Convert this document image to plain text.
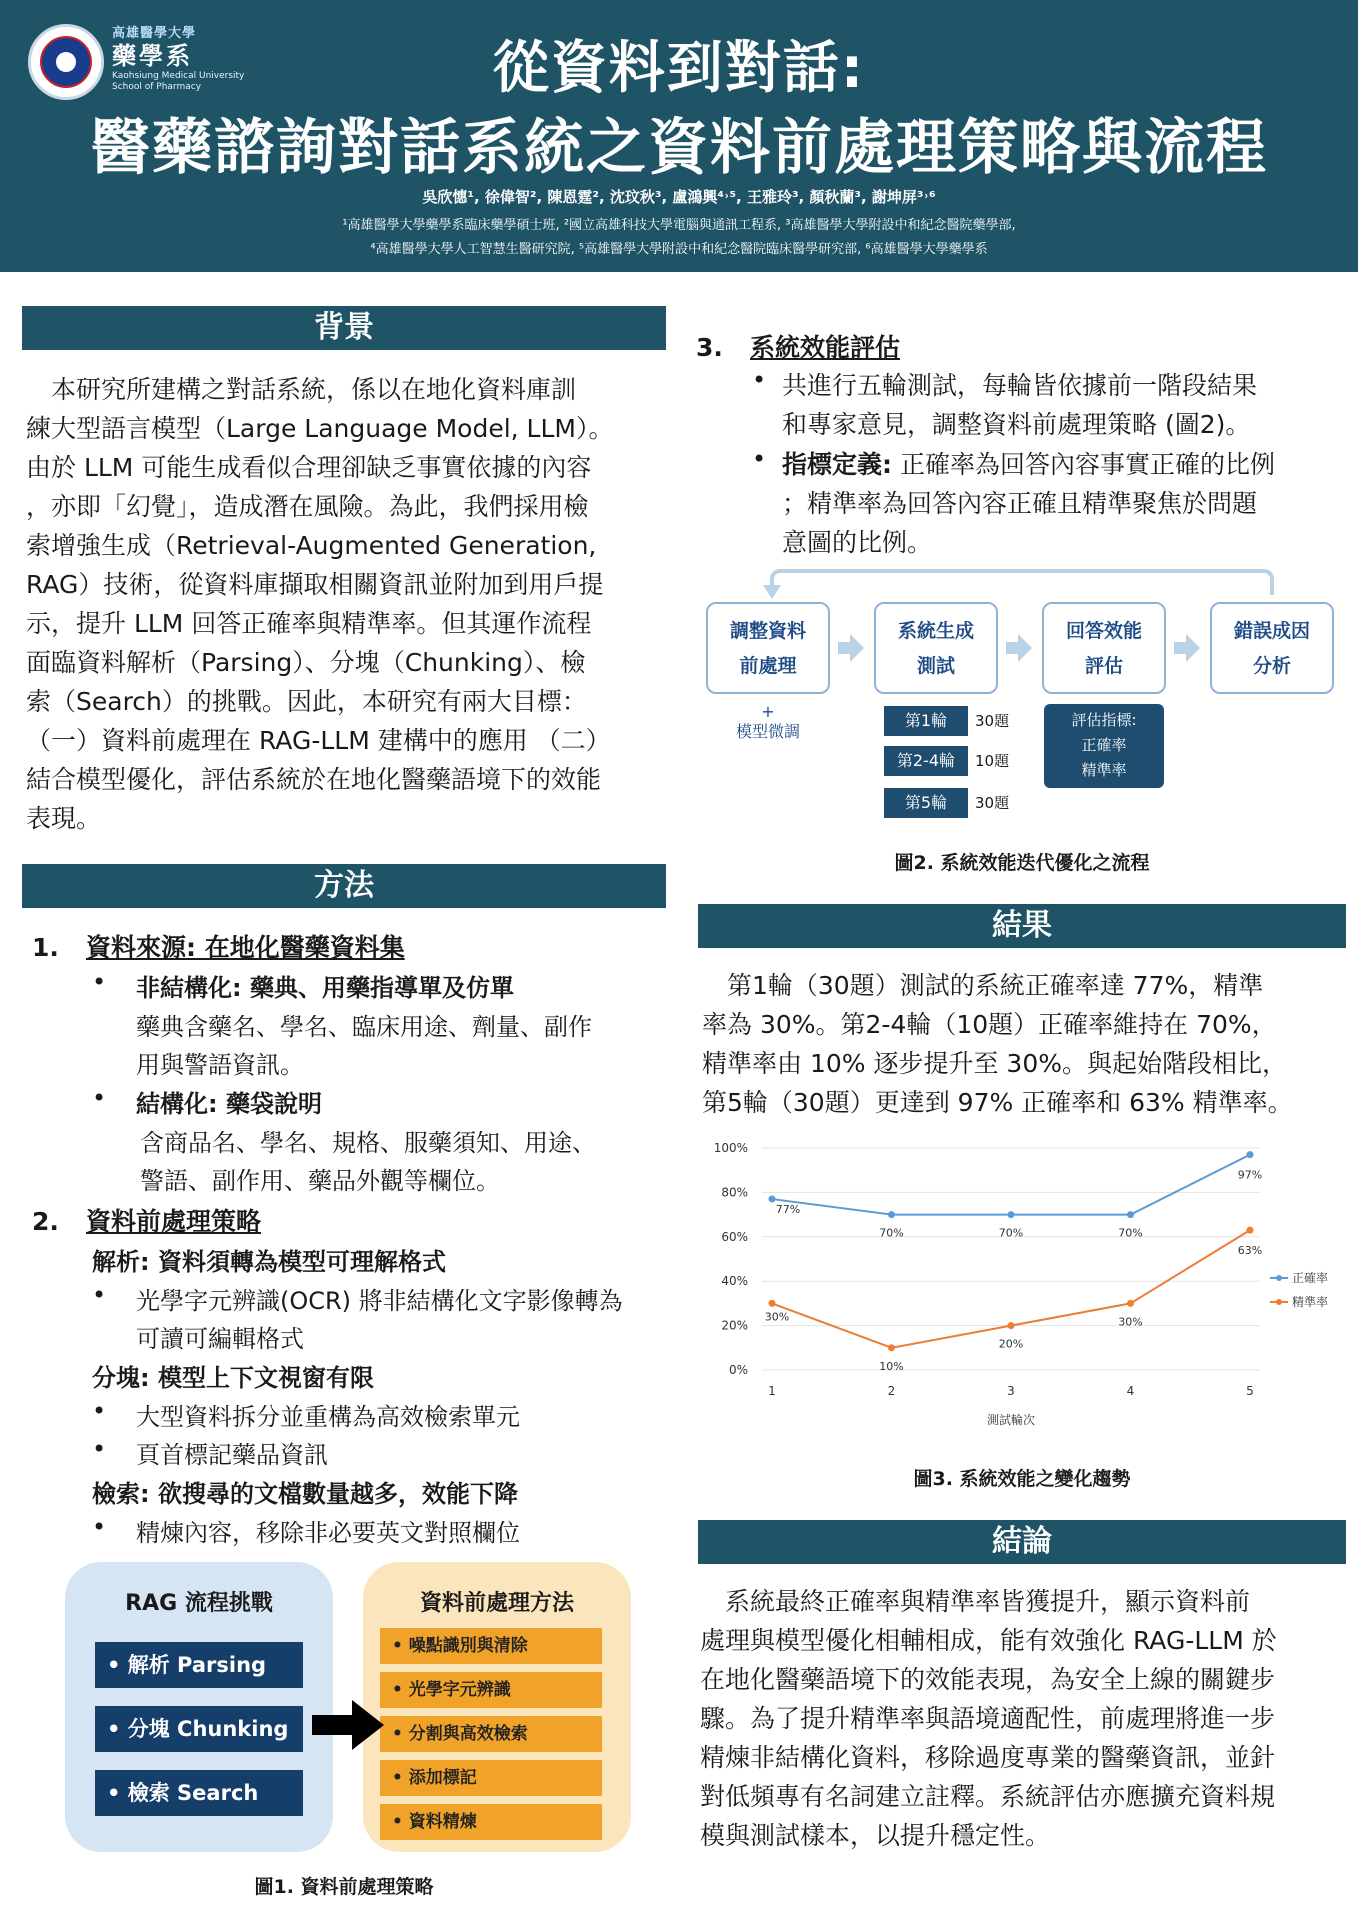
高雄醫學大學
藥學系
Kaohsiung Medical University
School of Pharmacy	從資料到對話:
醫藥諮詢對話系統之資料前處理策略與流程
吳欣憓¹, 徐偉智², 陳恩霆², 沈玟秋³, 盧鴻興⁴˒⁵, 王雅玲³, 顏秋蘭³, 謝坤屏³˒⁶
¹高雄醫學大學藥學系臨床藥學碩士班, ²國立高雄科技大學電腦與通訊工程系, ³高雄醫學大學附設中和紀念醫院藥學部,
⁴高雄醫學大學人工智慧生醫研究院, ⁵高雄醫學大學附設中和紀念醫院臨床醫學研究部, ⁶高雄醫學大學藥學系
背景
　本研究所建構之對話系統，係以在地化資料庫訓
練大型語言模型（Large Language Model, LLM）。
由於 LLM 可能生成看似合理卻缺乏事實依據的內容
，亦即「幻覺」，造成潛在風險。為此，我們採用檢
索增強生成（Retrieval-Augmented Generation,
RAG）技術，從資料庫擷取相關資訊並附加到用戶提
示，提升 LLM 回答正確率與精準率。但其運作流程
面臨資料解析（Parsing）、分塊（Chunking）、檢
索（Search）的挑戰。因此，本研究有兩大目標：
（一）資料前處理在 RAG-LLM 建構中的應用 （二）
結合模型優化，評估系統於在地化醫藥語境下的效能
表現。
方法
1. 資料來源: 在地化醫藥資料集
• 非結構化: 藥典、用藥指導單及仿單
藥典含藥名、學名、臨床用途、劑量、副作
用與警語資訊。
• 結構化: 藥袋說明
含商品名、學名、規格、服藥須知、用途、
警語、副作用、藥品外觀等欄位。
2. 資料前處理策略
解析: 資料須轉為模型可理解格式
• 光學字元辨識(OCR) 將非結構化文字影像轉為
可讀可編輯格式
分塊: 模型上下文視窗有限
• 大型資料拆分並重構為高效檢索單元
• 頁首標記藥品資訊
檢索: 欲搜尋的文檔數量越多，效能下降
• 精煉內容，移除非必要英文對照欄位
RAG 流程挑戰	資料前處理方法
• 解析 Parsing
• 分塊 Chunking
• 檢索 Search
• 噪點識別與清除
• 光學字元辨識
• 分割與高效檢索
• 添加標記
• 資料精煉
圖1. 資料前處理策略
3. 系統效能評估
• 共進行五輪測試，每輪皆依據前一階段結果
和專家意見，調整資料前處理策略 (圖2)。
• 指標定義: 正確率為回答內容事實正確的比例
；精準率為回答內容正確且精準聚焦於問題
意圖的比例。
調整資料
前處理
系統生成
測試
回答效能
評估
錯誤成因
分析
+
模型微調
第1輪	30題
第2-4輪	10題
第5輪	30題
評估指標:
正確率
精準率
圖2. 系統效能迭代優化之流程
結果
　第1輪（30題）測試的系統正確率達 77%，精準
率為 30%。第2-4輪（10題）正確率維持在 70%，
精準率由 10% 逐步提升至 30%。與起始階段相比，
第5輪（30題）更達到 97% 正確率和 63% 精準率。
0%
20%
40%
60%
80%
100%
1	2	3	4	5
測試輪次
77%
70%	70%	70%
97%
正確率
30%
10%
20%
30%
63%
精準率
圖3. 系統效能之變化趨勢
結論
　系統最終正確率與精準率皆獲提升，顯示資料前
處理與模型優化相輔相成，能有效強化 RAG-LLM 於
在地化醫藥語境下的效能表現，為安全上線的關鍵步
驟。為了提升精準率與語境適配性，前處理將進一步
精煉非結構化資料，移除過度專業的醫藥資訊，並針
對低頻專有名詞建立註釋。系統評估亦應擴充資料規
模與測試樣本，以提升穩定性。
